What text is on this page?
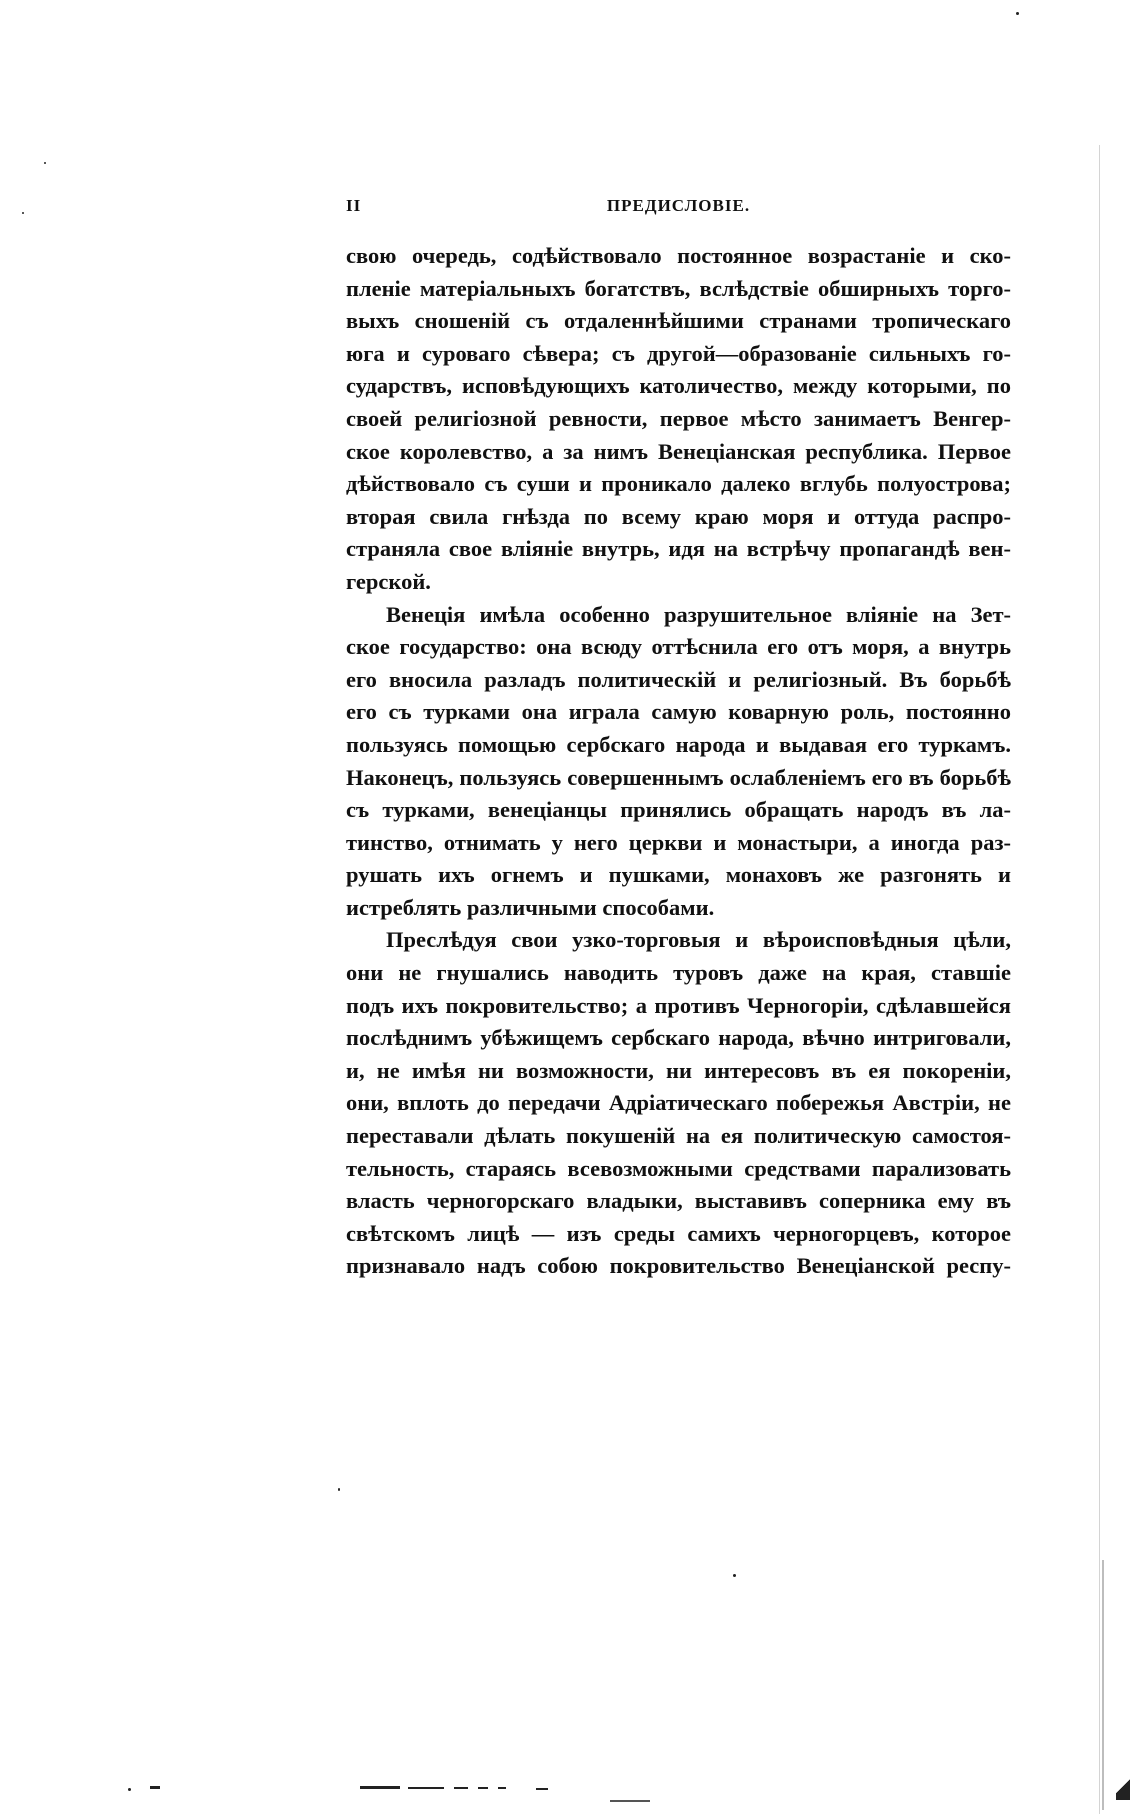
II	ПРЕДИСЛОВІЕ.
свою очередь, содѣйствовало постоянное возрастаніе и ско-
пленіе матеріальныхъ богатствъ, вслѣдствіе обширныхъ торго-
выхъ сношеній съ отдаленнѣйшими странами тропическаго
юга и суроваго сѣвера; съ другой—образованіе сильныхъ го-
сударствъ, исповѣдующихъ католичество, между которыми, по
своей религіозной ревности, первое мѣсто занимаетъ Венгер-
ское королевство, а за нимъ Венеціанская республика. Первое
дѣйствовало съ суши и проникало далеко вглубь полуострова;
вторая свила гнѣзда по всему краю моря и оттуда распро-
страняла свое вліяніе внутрь, идя на встрѣчу пропагандѣ вен-
герской.
Венеція имѣла особенно разрушительное вліяніе на Зет-
ское государство: она всюду оттѣснила его отъ моря, а внутрь
его вносила разладъ политическій и религіозный. Въ борьбѣ
его съ турками она играла самую коварную роль, постоянно
пользуясь помощью сербскаго народа и выдавая его туркамъ.
Наконецъ, пользуясь совершеннымъ ослабленіемъ его въ борьбѣ
съ турками, венеціанцы принялись обращать народъ въ ла-
тинство, отнимать у него церкви и монастыри, а иногда раз-
рушать ихъ огнемъ и пушками, монаховъ же разгонять и
истреблять различными способами.
Преслѣдуя свои узко-торговыя и вѣроисповѣдныя цѣли,
они не гнушались наводить туровъ даже на края, ставшіе
подъ ихъ покровительство; а противъ Черногоріи, сдѣлавшейся
послѣднимъ убѣжищемъ сербскаго народа, вѣчно интриговали,
и, не имѣя ни возможности, ни интересовъ въ ея покореніи,
они, вплоть до передачи Адріатическаго побережья Австріи, не
переставали дѣлать покушеній на ея политическую самостоя-
тельность, стараясь всевозможными средствами парализовать
власть черногорскаго владыки, выставивъ соперника ему въ
свѣтскомъ лицѣ — изъ среды самихъ черногорцевъ, которое
признавало надъ собою покровительство Венеціанской респу-
